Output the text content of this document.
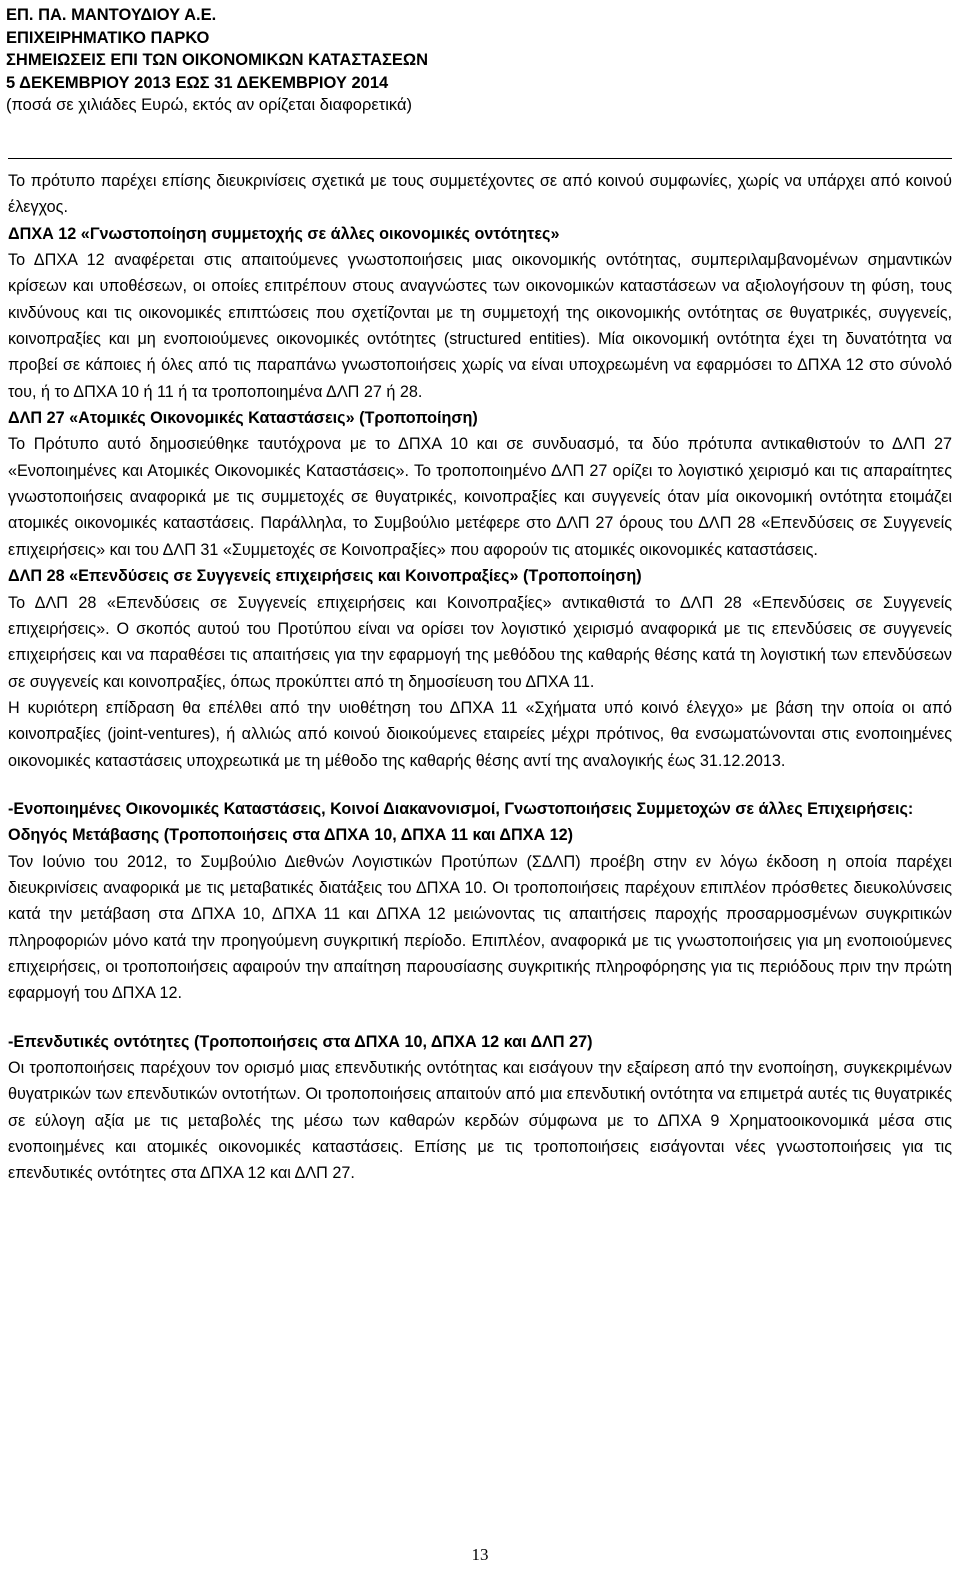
ΕΠ. ΠΑ. ΜΑΝΤΟΥΔΙΟΥ Α.Ε.
ΕΠΙΧΕΙΡΗΜΑΤΙΚΟ ΠΑΡΚΟ
ΣΗΜΕΙΩΣΕΙΣ ΕΠΙ ΤΩΝ ΟΙΚΟΝΟΜΙΚΩΝ ΚΑΤΑΣΤΑΣΕΩΝ
5 ΔΕΚΕΜΒΡΙΟΥ 2013 ΕΩΣ 31 ΔΕΚΕΜΒΡΙΟΥ 2014
(ποσά σε χιλιάδες Ευρώ, εκτός αν ορίζεται διαφορετικά)

Το πρότυπο παρέχει επίσης διευκρινίσεις σχετικά με τους συμμετέχοντες σε από κοινού συμφωνίες, χωρίς να υπάρχει από κοινού έλεγχος.

ΔΠΧΑ 12 «Γνωστοποίηση συμμετοχής σε άλλες οικονομικές οντότητες»

Το ΔΠΧΑ 12 αναφέρεται στις απαιτούμενες γνωστοποιήσεις μιας οικονομικής οντότητας, συμπεριλαμβανομένων σημαντικών κρίσεων και υποθέσεων, οι οποίες επιτρέπουν στους αναγνώστες των οικονομικών καταστάσεων να αξιολογήσουν τη φύση, τους κινδύνους και τις οικονομικές επιπτώσεις που σχετίζονται με τη συμμετοχή της οικονομικής οντότητας σε θυγατρικές, συγγενείς, κοινοπραξίες και μη ενοποιούμενες οικονομικές οντότητες (structured entities). Μία οικονομική οντότητα έχει τη δυνατότητα να προβεί σε κάποιες ή όλες από τις παραπάνω γνωστοποιήσεις χωρίς να είναι υποχρεωμένη να εφαρμόσει το ΔΠΧΑ 12 στο σύνολό του, ή το ΔΠΧΑ 10 ή 11 ή τα τροποποιημένα ΔΛΠ 27 ή 28.

ΔΛΠ 27 «Ατομικές Οικονομικές Καταστάσεις» (Τροποποίηση)

Το Πρότυπο αυτό δημοσιεύθηκε ταυτόχρονα με το ΔΠΧΑ 10 και σε συνδυασμό, τα δύο πρότυπα αντικαθιστούν το ΔΛΠ 27 «Ενοποιημένες και Ατομικές Οικονομικές Καταστάσεις». Το τροποποιημένο ΔΛΠ 27 ορίζει το λογιστικό χειρισμό και τις απαραίτητες γνωστοποιήσεις αναφορικά με τις συμμετοχές σε θυγατρικές, κοινοπραξίες και συγγενείς όταν μία οικονομική οντότητα ετοιμάζει ατομικές οικονομικές καταστάσεις. Παράλληλα, το Συμβούλιο μετέφερε στο ΔΛΠ 27 όρους του ΔΛΠ 28 «Επενδύσεις σε Συγγενείς επιχειρήσεις» και του ΔΛΠ 31 «Συμμετοχές σε Κοινοπραξίες» που αφορούν τις ατομικές οικονομικές καταστάσεις.

ΔΛΠ 28 «Επενδύσεις σε Συγγενείς επιχειρήσεις και Κοινοπραξίες» (Τροποποίηση)

Το ΔΛΠ 28 «Επενδύσεις σε Συγγενείς επιχειρήσεις και Κοινοπραξίες» αντικαθιστά το ΔΛΠ 28 «Επενδύσεις σε Συγγενείς επιχειρήσεις». Ο σκοπός αυτού του Προτύπου είναι να ορίσει τον λογιστικό χειρισμό αναφορικά με τις επενδύσεις σε συγγενείς επιχειρήσεις και να παραθέσει τις απαιτήσεις για την εφαρμογή της μεθόδου της καθαρής θέσης κατά τη λογιστική των επενδύσεων σε συγγενείς και κοινοπραξίες, όπως προκύπτει από τη δημοσίευση του ΔΠΧΑ 11.

Η κυριότερη επίδραση θα επέλθει από την υιοθέτηση του ΔΠΧΑ 11 «Σχήματα υπό κοινό έλεγχο» με βάση την οποία οι από κοινοπραξίες (joint-ventures), ή αλλιώς από κοινού διοικούμενες εταιρείες μέχρι πρότινος, θα ενσωματώνονται στις ενοποιημένες οικονομικές καταστάσεις υποχρεωτικά με τη μέθοδο της καθαρής θέσης αντί της αναλογικής έως 31.12.2013.

-Ενοποιημένες Οικονομικές Καταστάσεις, Κοινοί Διακανονισμοί, Γνωστοποιήσεις Συμμετοχών σε άλλες Επιχειρήσεις: Οδηγός Μετάβασης (Τροποποιήσεις στα ΔΠΧΑ 10, ΔΠΧΑ 11 και ΔΠΧΑ 12)

Τον Ιούνιο του 2012, το Συμβούλιο Διεθνών Λογιστικών Προτύπων (ΣΔΛΠ) προέβη στην εν λόγω έκδοση η οποία παρέχει διευκρινίσεις αναφορικά με τις μεταβατικές διατάξεις του ΔΠΧΑ 10. Οι τροποποιήσεις παρέχουν επιπλέον πρόσθετες διευκολύνσεις κατά την μετάβαση στα ΔΠΧΑ 10, ΔΠΧΑ 11 και ΔΠΧΑ 12 μειώνοντας τις απαιτήσεις παροχής προσαρμοσμένων συγκριτικών πληροφοριών μόνο κατά την προηγούμενη συγκριτική περίοδο. Επιπλέον, αναφορικά με τις γνωστοποιήσεις για μη ενοποιούμενες επιχειρήσεις, οι τροποποιήσεις αφαιρούν την απαίτηση παρουσίασης συγκριτικής πληροφόρησης για τις περιόδους πριν την πρώτη εφαρμογή του ΔΠΧΑ 12.

-Επενδυτικές οντότητες (Τροποποιήσεις στα ΔΠΧΑ 10, ΔΠΧΑ 12 και ΔΛΠ 27)

Οι τροποποιήσεις παρέχουν τον ορισμό μιας επενδυτικής οντότητας και εισάγουν την εξαίρεση από την ενοποίηση, συγκεκριμένων θυγατρικών των επενδυτικών οντοτήτων. Οι τροποποιήσεις απαιτούν από μια επενδυτική οντότητα να επιμετρά αυτές τις θυγατρικές σε εύλογη αξία με τις μεταβολές της μέσω των καθαρών κερδών σύμφωνα με το ΔΠΧΑ 9 Χρηματοοικονομικά μέσα στις ενοποιημένες και ατομικές οικονομικές καταστάσεις. Επίσης με τις τροποποιήσεις εισάγονται νέες γνωστοποιήσεις για τις επενδυτικές οντότητες στα ΔΠΧΑ 12 και ΔΛΠ 27.

13
